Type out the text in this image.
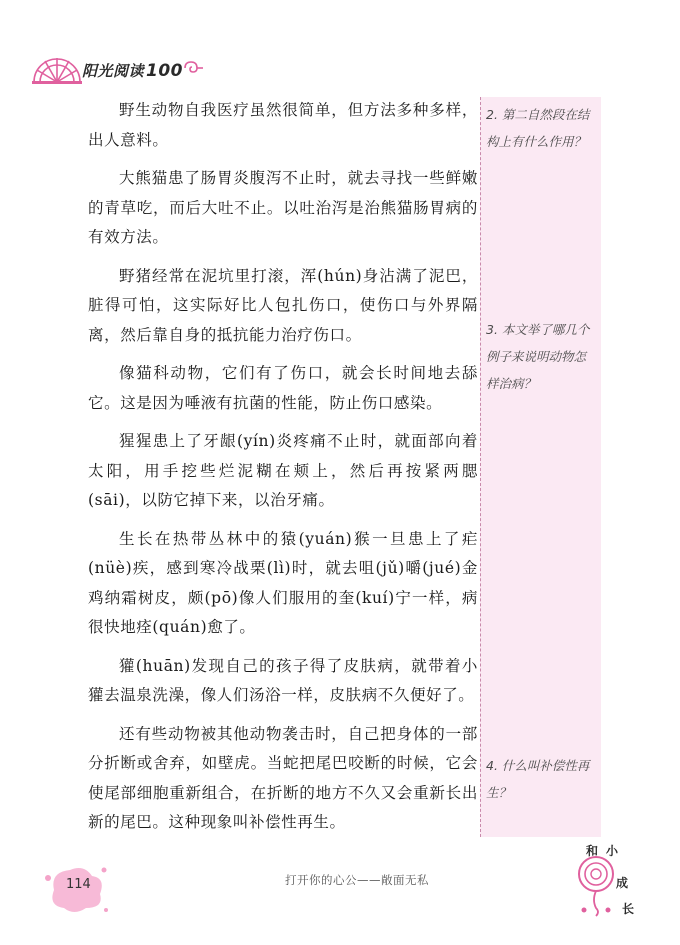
阳光阅读 100
2. 第二自然段在结构上有什么作用？
3. 本文举了哪几个例子来说明动物怎样治病？
4. 什么叫补偿性再生？

野生动物自我医疗虽然很简单，但方法多种多样，出人意料。

大熊猫患了肠胃炎腹泻不止时，就去寻找一些鲜嫩的青草吃，而后大吐不止。以吐治泻是治熊猫肠胃病的有效方法。

野猪经常在泥坑里打滚，浑(hún)身沾满了泥巴，脏得可怕，这实际好比人包扎伤口，使伤口与外界隔离，然后靠自身的抵抗能力治疗伤口。

像猫科动物，它们有了伤口，就会长时间地去舔它。这是因为唾液有抗菌的性能，防止伤口感染。

猩猩患上了牙龈(yín)炎疼痛不止时，就面部向着太阳，用手挖些烂泥糊在颊上，然后再按紧两腮(sāi)，以防它掉下来，以治牙痛。

生长在热带丛林中的猿(yuán)猴一旦患上了疟(nüè)疾，感到寒冷战栗(lì)时，就去咀(jǔ)嚼(jué)金鸡纳霜树皮，颇(pō)像人们服用的奎(kuí)宁一样，病很快地痊(quán)愈了。

獾(huān)发现自己的孩子得了皮肤病，就带着小獾去温泉洗澡，像人们汤浴一样，皮肤病不久便好了。

还有些动物被其他动物袭击时，自己把身体的一部分折断或舍弃，如壁虎。当蛇把尾巴咬断的时候，它会使尾部细胞重新组合，在折断的地方不久又会重新长出新的尾巴。这种现象叫补偿性再生。

114	打开你的心公——敞面无私
和 小
成
长
